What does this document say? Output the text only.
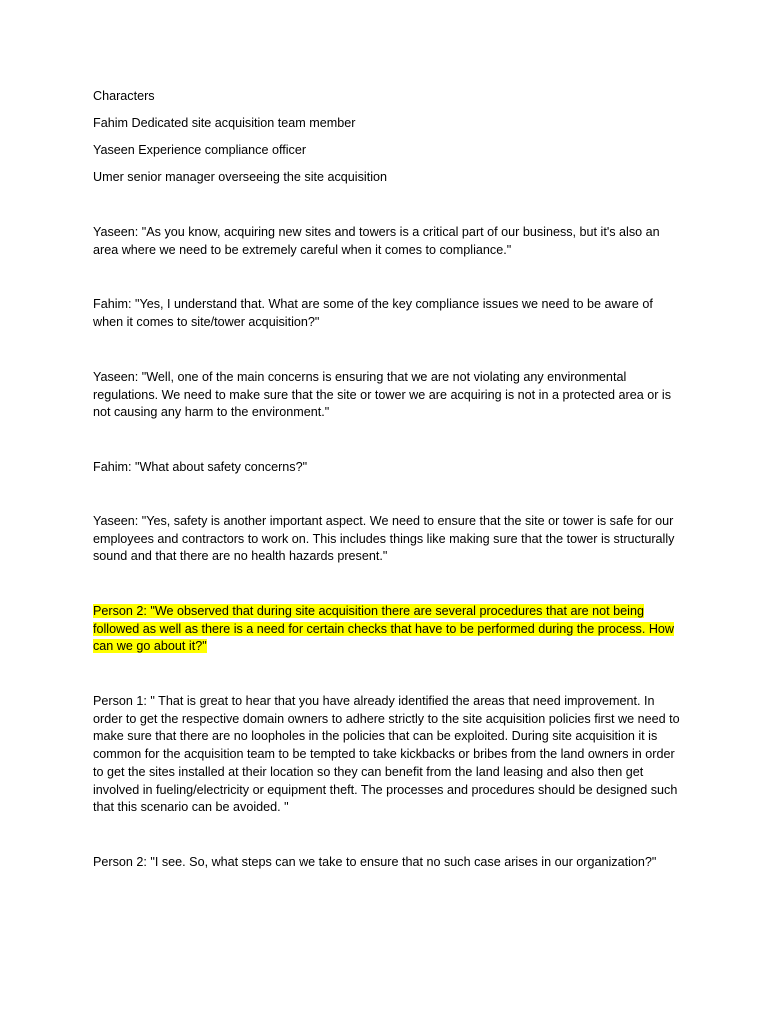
Characters

Fahim Dedicated site acquisition team member

Yaseen Experience compliance officer

Umer senior manager overseeing the site acquisition

Yaseen: "As you know, acquiring new sites and towers is a critical part of our business, but it's also an area where we need to be extremely careful when it comes to compliance."

Fahim: "Yes, I understand that. What are some of the key compliance issues we need to be aware of when it comes to site/tower acquisition?"

Yaseen: "Well, one of the main concerns is ensuring that we are not violating any environmental regulations. We need to make sure that the site or tower we are acquiring is not in a protected area or is not causing any harm to the environment."

Fahim: "What about safety concerns?"

Yaseen: "Yes, safety is another important aspect. We need to ensure that the site or tower is safe for our employees and contractors to work on. This includes things like making sure that the tower is structurally sound and that there are no health hazards present."

Person 2: "We observed that during site acquisition there are several procedures that are not being followed as well as there is a need for certain checks that have to be performed during the process. How can we go about it?"

Person 1: " That is great to hear that you have already identified the areas that need improvement. In order to get the respective domain owners to adhere strictly to the site acquisition policies first we need to make sure that there are no loopholes in the policies that can be exploited. During site acquisition it is common for the acquisition team to be tempted to take kickbacks or bribes from the land owners in order to get the sites installed at their location so they can benefit from the land leasing and also then get involved in fueling/electricity or equipment theft. The processes and procedures should be designed such that this scenario can be avoided. "

Person 2: "I see. So, what steps can we take to ensure that no such case arises in our organization?"
